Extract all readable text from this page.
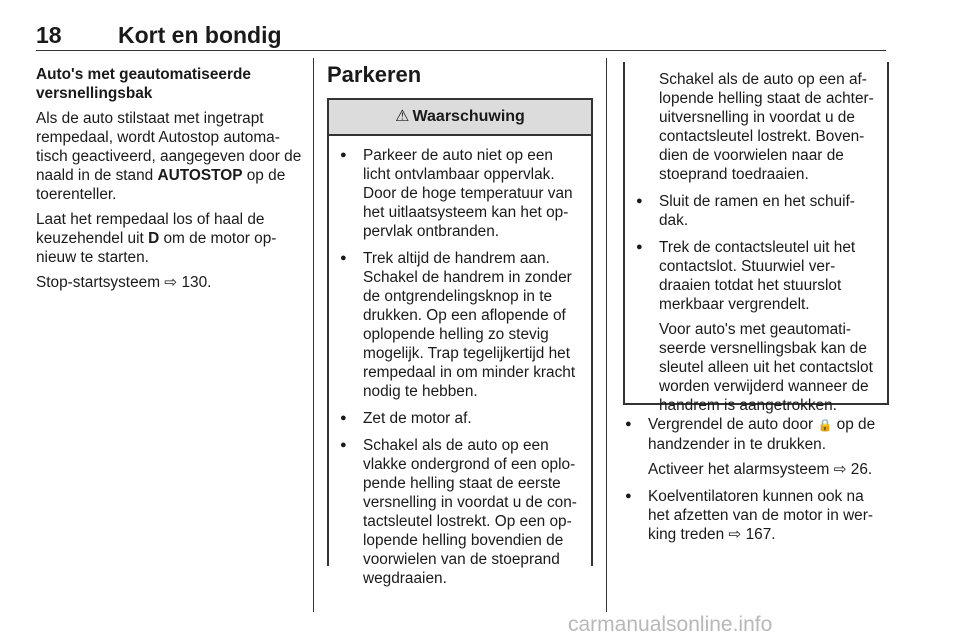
18 Kort en bondig

Auto's met geautomatiseerde versnellingsbak

Als de auto stilstaat met ingetrapt rempedaal, wordt Autostop automa-tisch geactiveerd, aangegeven door de naald in de stand AUTOSTOP op de toerenteller.

Laat het rempedaal los of haal de keuzehendel uit D om de motor op-nieuw te starten.

Stop-startsysteem ⇨ 130.

Parkeren
⚠ Waarschuwing
● Parkeer de auto niet op een licht ontvlambaar oppervlak. Door de hoge temperatuur van het uitlaatsysteem kan het op-pervlak ontbranden.
● Trek altijd de handrem aan. Schakel de handrem in zonder de ontgrendelingsknop in te drukken. Op een aflopende of oplopende helling zo stevig mogelijk. Trap tegelijkertijd het rempedaal in om minder kracht nodig te hebben.
● Zet de motor af.
● Schakel als de auto op een vlakke ondergrond of een oplo-pende helling staat de eerste versnelling in voordat u de con-tactsleutel lostrekt. Op een op-lopende helling bovendien de voorwielen van de stoeprand wegdraaien.

Schakel als de auto op een af-lopende helling staat de achter-uitversnelling in voordat u de contactsleutel lostrekt. Boven-dien de voorwielen naar de stoeprand toedraaien.

● Sluit de ramen en het schuif-dak.
● Trek de contactsleutel uit het contactslot. Stuurwiel ver-draaien totdat het stuurslot merkbaar vergrendelt.

Voor auto's met geautomati-seerde versnellingsbak kan de sleutel alleen uit het contactslot worden verwijderd wanneer de handrem is aangetrokken.

● Vergrendel de auto door 🔒 op de handzender in te drukken.

Activeer het alarmsysteem ⇨ 26.

● Koelventilatoren kunnen ook na het afzetten van de motor in wer-king treden ⇨ 167.
carmanualsonline.info
